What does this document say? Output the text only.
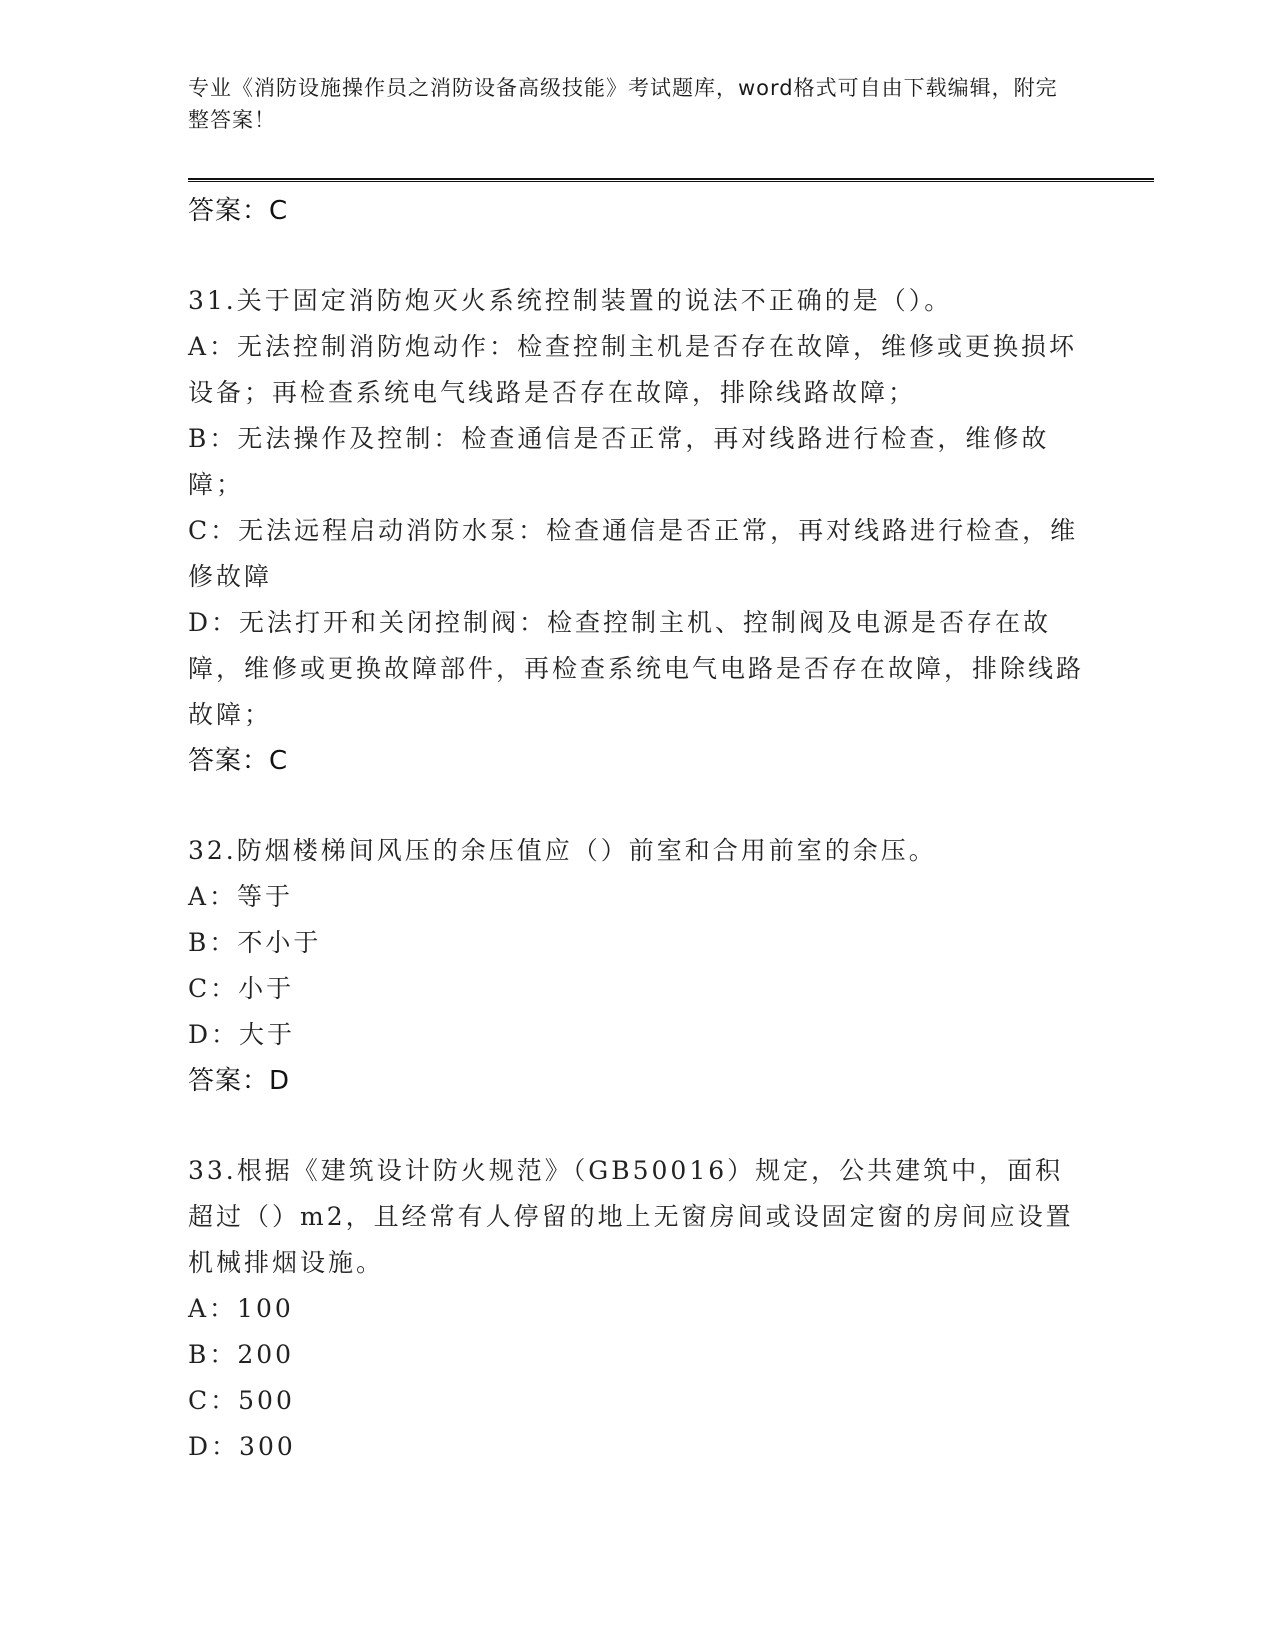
专业《消防设施操作员之消防设备高级技能》考试题库，word格式可自由下载编辑，附完整答案！
答案：C

31.关于固定消防炮灭火系统控制装置的说法不正确的是（）。

A：无法控制消防炮动作：检查控制主机是否存在故障，维修或更换损坏设备；再检查系统电气线路是否存在故障，排除线路故障；

B：无法操作及控制：检查通信是否正常，再对线路进行检查，维修故障；

C：无法远程启动消防水泵：检查通信是否正常，再对线路进行检查，维修故障

D：无法打开和关闭控制阀：检查控制主机、控制阀及电源是否存在故障，维修或更换故障部件，再检查系统电气电路是否存在故障，排除线路故障；

答案：C

32.防烟楼梯间风压的余压值应（）前室和合用前室的余压。

A：等于

B：不小于

C：小于

D：大于

答案：D

33.根据《建筑设计防火规范》（GB50016）规定，公共建筑中，面积超过（）m2，且经常有人停留的地上无窗房间或设固定窗的房间应设置机械排烟设施。

A：100

B：200

C：500

D：300
